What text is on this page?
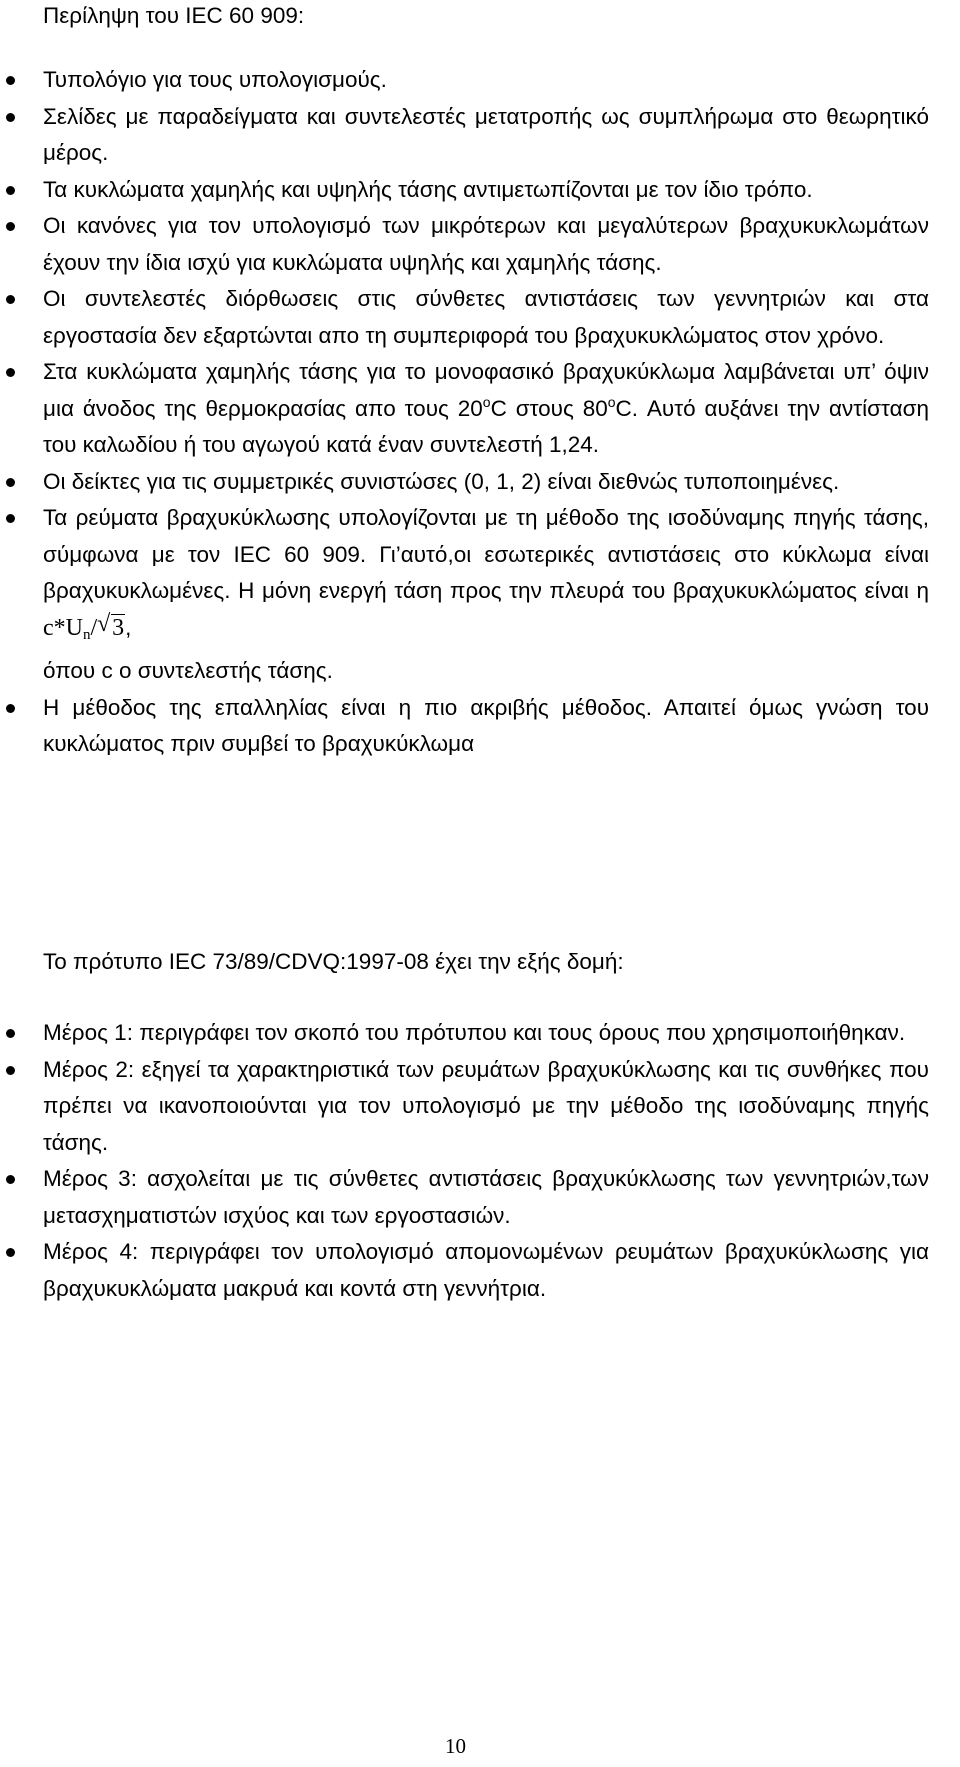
Περίληψη του IEC 60 909:
Τυπολόγιο για τους υπολογισμούς.
Σελίδες με παραδείγματα και συντελεστές μετατροπής ως συμπλήρωμα στο θεωρητικό μέρος.
Τα κυκλώματα χαμηλής και υψηλής τάσης αντιμετωπίζονται με τον ίδιο τρόπο.
Οι κανόνες για τον υπολογισμό των μικρότερων και μεγαλύτερων βραχυκυκλωμάτων έχουν την ίδια ισχύ για κυκλώματα υψηλής και χαμηλής τάσης.
Οι συντελεστές διόρθωσεις στις σύνθετες αντιστάσεις των γεννητριών και στα εργοστασία δεν εξαρτώνται απο τη συμπεριφορά του βραχυκυκλώματος στον χρόνο.
Στα κυκλώματα χαμηλής τάσης για το μονοφασικό βραχυκύκλωμα λαμβάνεται υπ’ όψιν μια άνοδος της θερμοκρασίας απο τους $20^oC$ στους $80^oC$. Αυτό αυξάνει την αντίσταση του καλωδίου ή του αγωγού κατά έναν συντελεστή 1,24.
Οι δείκτες για τις συμμετρικές συνιστώσες (0, 1, 2) είναι διεθνώς τυποποιημένες.
Τα ρεύματα βραχυκύκλωσης υπολογίζονται με τη μέθοδο της ισοδύναμης πηγής τάσης, σύμφωνα με τον IEC 60 909. Γι’αυτό,οι εσωτερικές αντιστάσεις στο κύκλωμα είναι βραχυκυκλωμένες. Η μόνη ενεργή τάση προς την πλευρά του βραχυκυκλώματος είναι η $c*U_n/$ √ 3,
όπου c ο συντελεστής τάσης.
Η μέθοδος της επαλληλίας είναι η πιο ακριβής μέθοδος. Απαιτεί όμως γνώση του κυκλώματος πριν συμβεί το βραχυκύκλωμα
Το πρότυπο IEC 73/89/CDVQ:1997-08 έχει την εξής δομή:
Μέρος 1: περιγράφει τον σκοπό του πρότυπου και τους όρους που χρησιμοποιήθηκαν.
Μέρος 2: εξηγεί τα χαρακτηριστικά των ρευμάτων βραχυκύκλωσης και τις συνθήκες που πρέπει να ικανοποιούνται για τον υπολογισμό με την μέθοδο της ισοδύναμης πηγής τάσης.
Μέρος 3: ασχολείται με τις σύνθετες αντιστάσεις βραχυκύκλωσης των γεννητριών,των μετασχηματιστών ισχύος και των εργοστασιών.
Μέρος 4: περιγράφει τον υπολογισμό απομονωμένων ρευμάτων βραχυκύκλωσης για βραχυκυκλώματα μακρυά και κοντά στη γεννήτρια.
10
